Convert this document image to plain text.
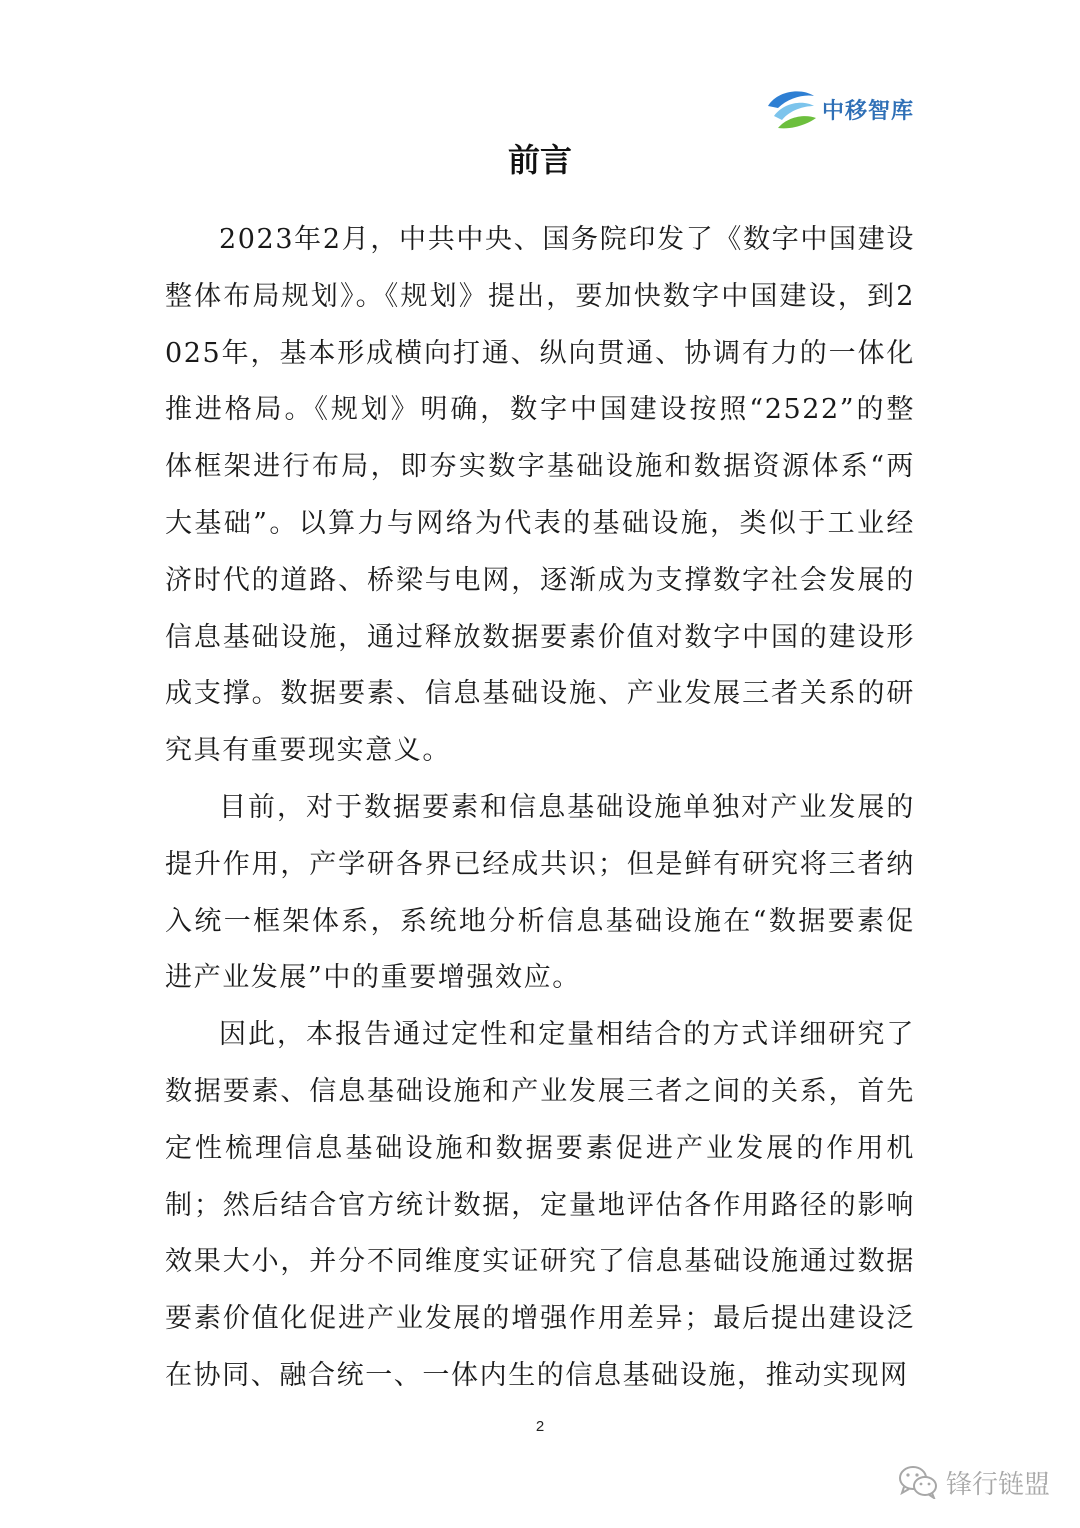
中移智库
前言

2023年2月，中共中央、国务院印发了《数字中国建设整体布局规划》。《规划》提出，要加快数字中国建设，到2025年，基本形成横向打通、纵向贯通、协调有力的一体化推进格局。《规划》明确，数字中国建设按照“2522”的整体框架进行布局，即夯实数字基础设施和数据资源体系“两大基础”。以算力与网络为代表的基础设施，类似于工业经济时代的道路、桥梁与电网，逐渐成为支撑数字社会发展的信息基础设施，通过释放数据要素价值对数字中国的建设形成支撑。数据要素、信息基础设施、产业发展三者关系的研究具有重要现实意义。

目前，对于数据要素和信息基础设施单独对产业发展的提升作用，产学研各界已经成共识；但是鲜有研究将三者纳入统一框架体系，系统地分析信息基础设施在“数据要素促进产业发展”中的重要增强效应。

因此，本报告通过定性和定量相结合的方式详细研究了数据要素、信息基础设施和产业发展三者之间的关系，首先定性梳理信息基础设施和数据要素促进产业发展的作用机制；然后结合官方统计数据，定量地评估各作用路径的影响效果大小，并分不同维度实证研究了信息基础设施通过数据要素价值化促进产业发展的增强作用差异；最后提出建设泛在协同、融合统一、一体内生的信息基础设施，推动实现网

2
锋行链盟
